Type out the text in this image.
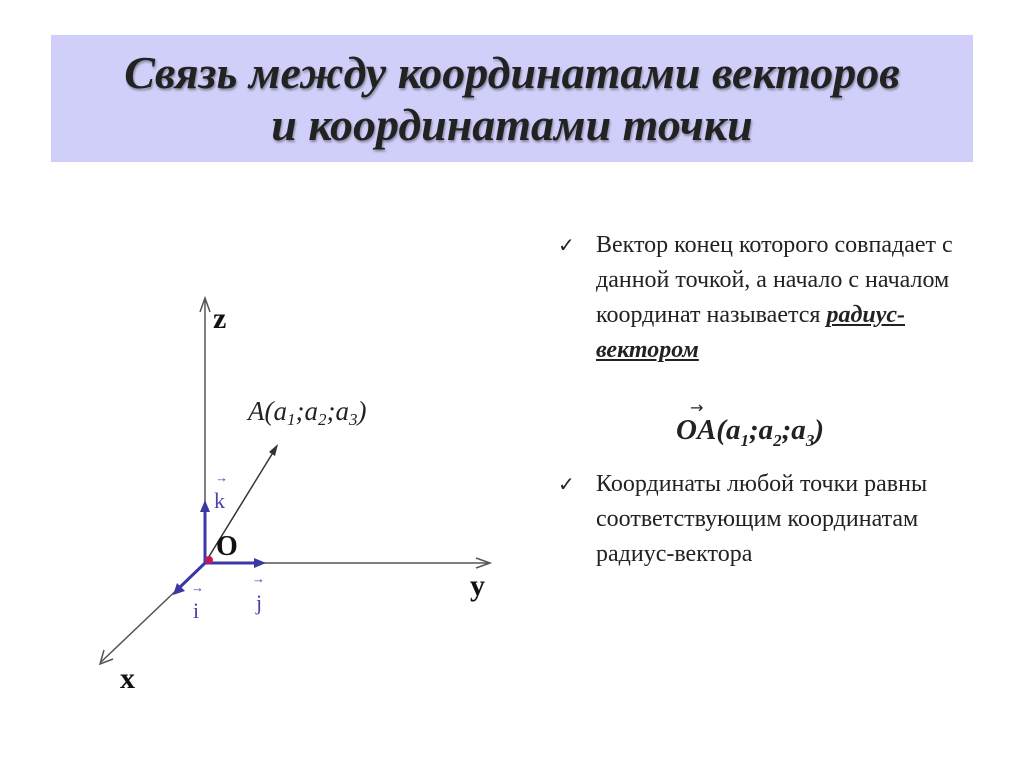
Связь между координатами векторов
и координатами точки
z
y
x
O
A(a1;a2;a3)
→
k
→
j
→
i
✓ Вектор конец которого совпадает с данной точкой, а начало с началом координат называется радиус-вектором
→
$OA(a_1;a_2;a_3)$
✓ Координаты любой точки равны соответствующим координатам радиус-вектора
